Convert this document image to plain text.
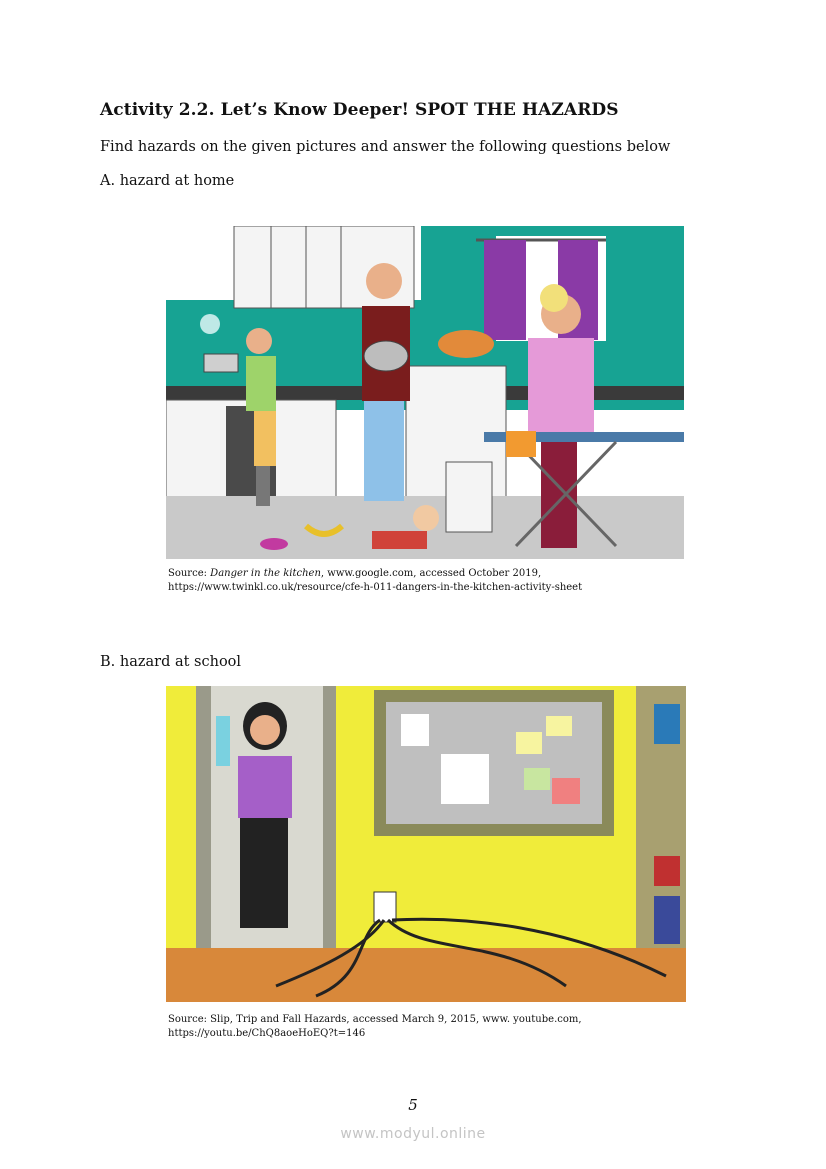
Activity 2.2. Let’s Know Deeper! SPOT THE HAZARDS
Find hazards on the given pictures and answer the following questions below
A. hazard at home
Source: Danger in the kitchen, www.google.com, accessed October 2019,
https://www.twinkl.co.uk/resource/cfe-h-011-dangers-in-the-kitchen-activity-sheet
B. hazard at school
Source: Slip, Trip and Fall Hazards, accessed March 9, 2015, www. youtube.com,
https://youtu.be/ChQ8aoeHoEQ?t=146
5
www.modyul.online
